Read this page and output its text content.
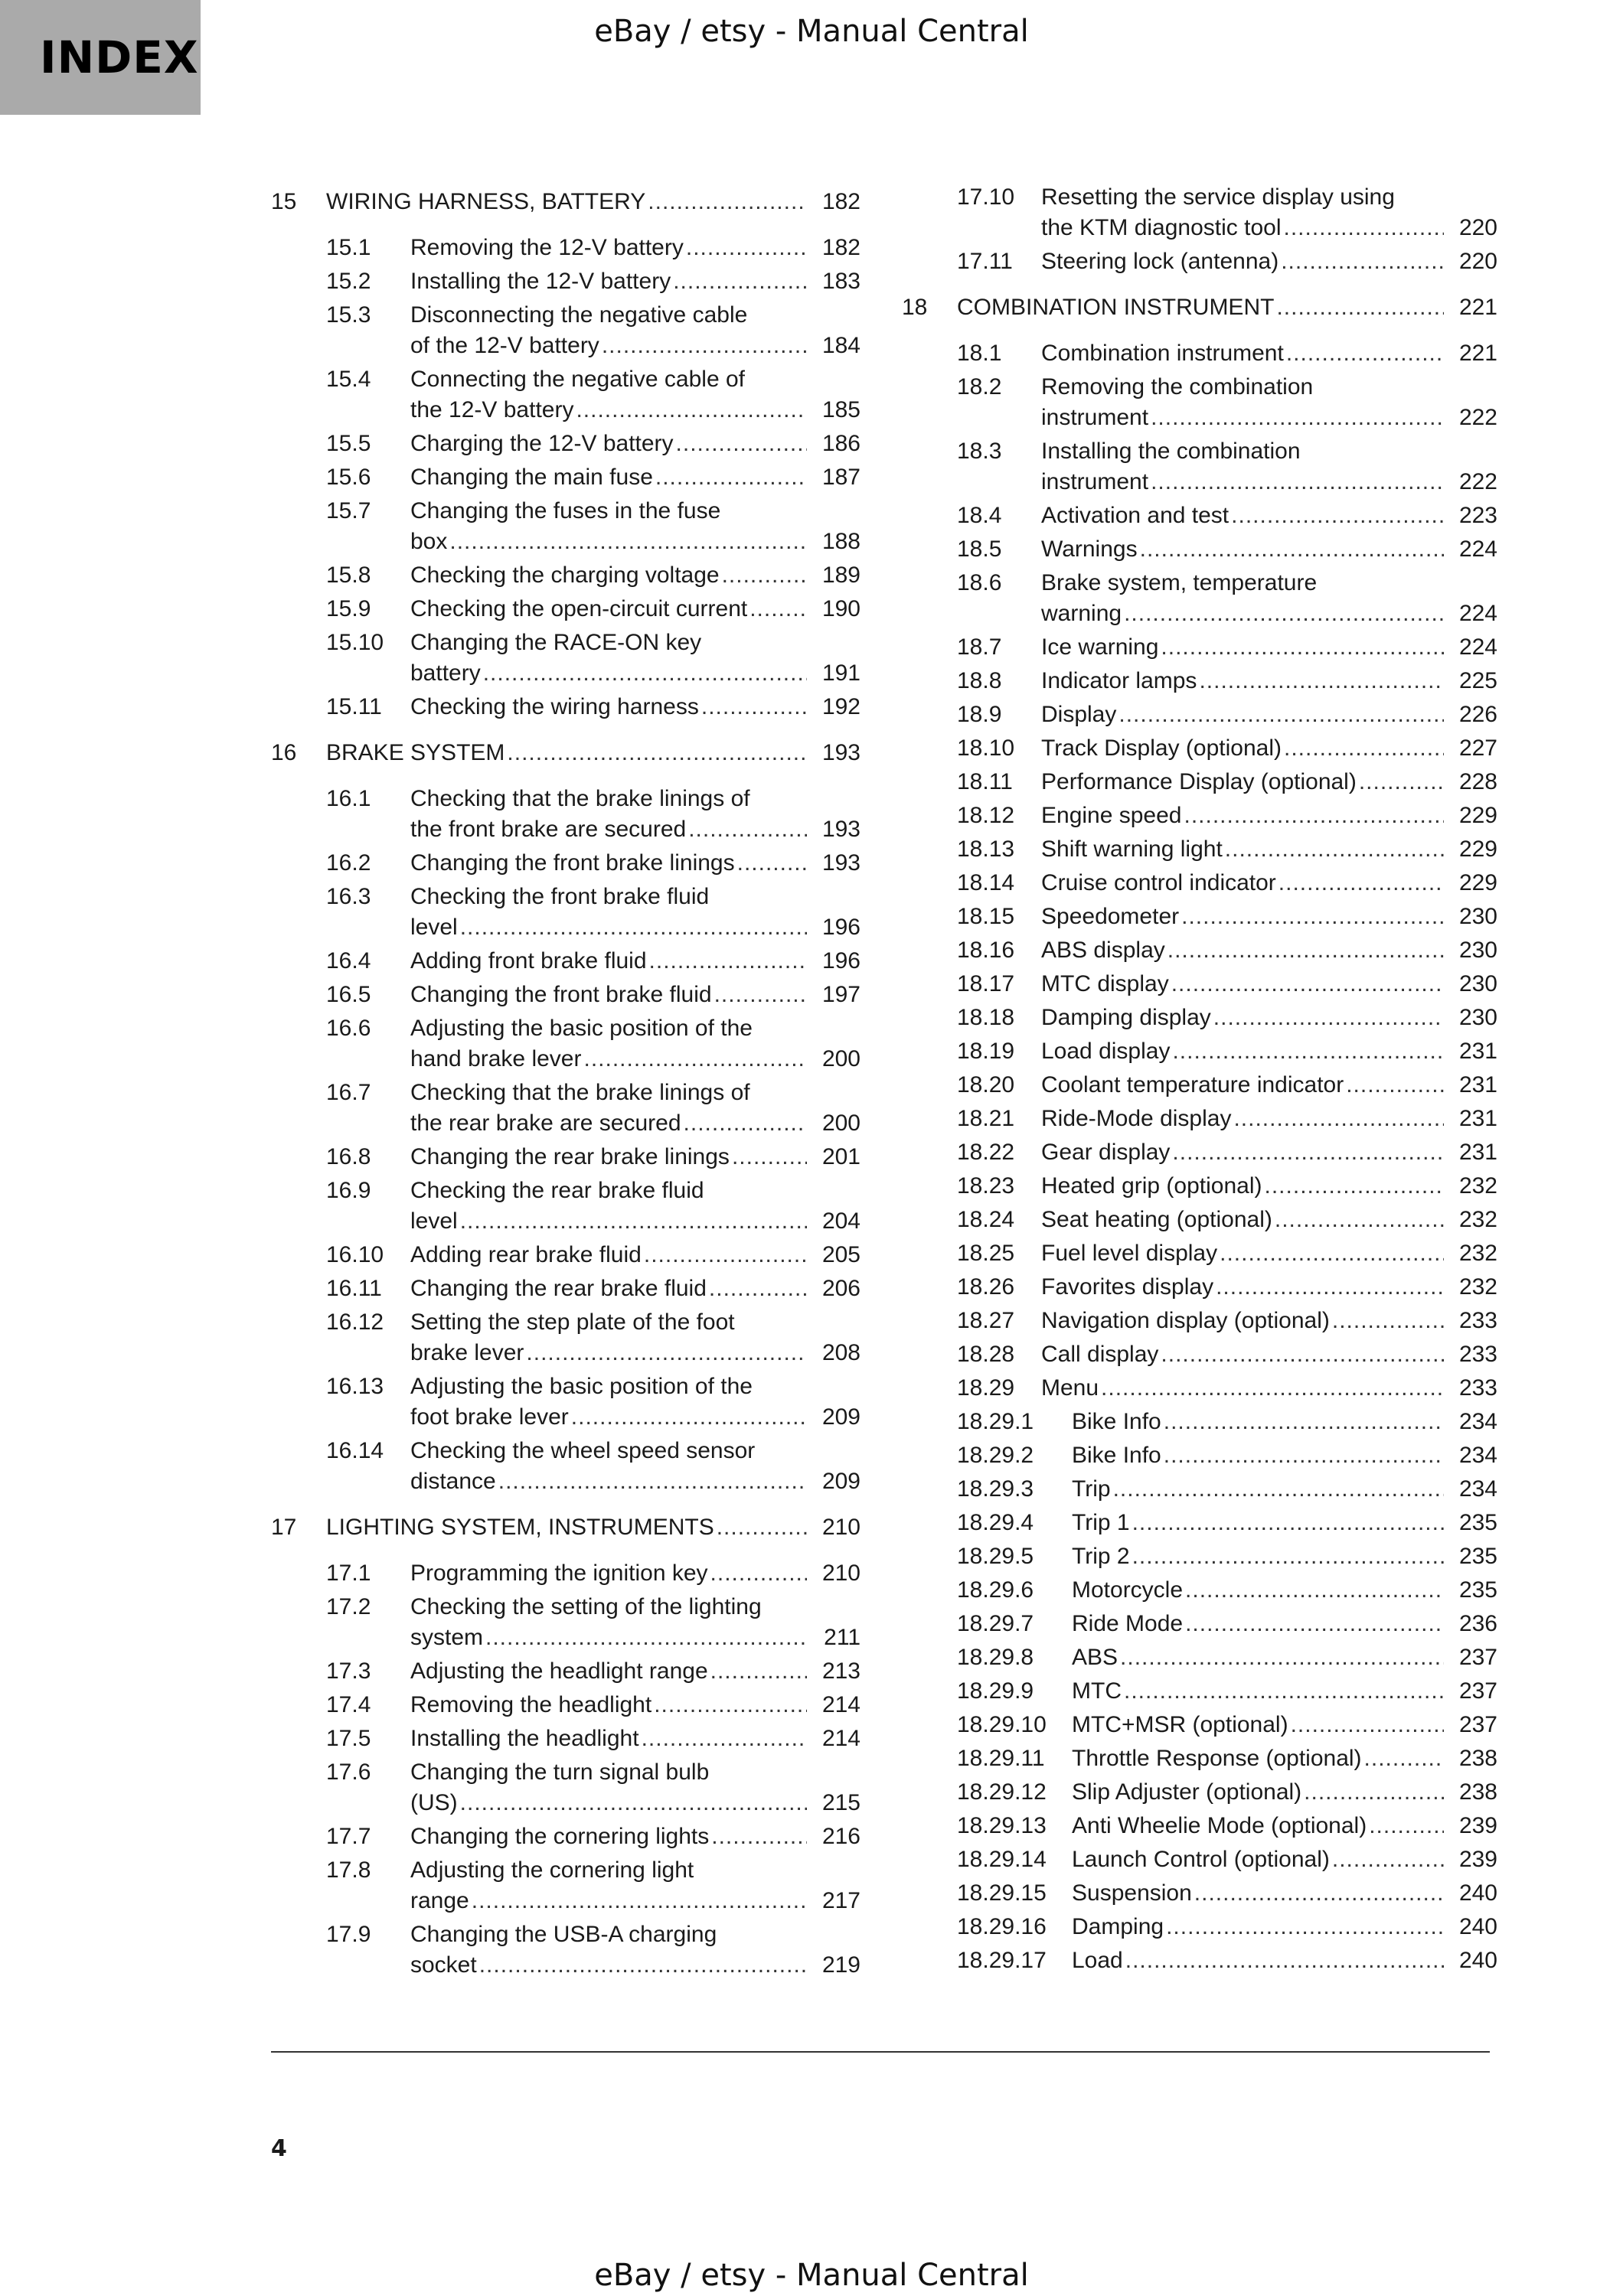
INDEX	eBay / etsy - Manual Central
15	WIRING HARNESS, BATTERY .....	182
15.1	Removing the 12-V battery .....	182
15.2	Installing the 12-V battery .....	183
15.3	Disconnecting the negative cable
of the 12-V battery .....	184
15.4	Connecting the negative cable of
the 12-V battery .....	185
15.5	Charging the 12-V battery .....	186
15.6	Changing the main fuse .....	187
15.7	Changing the fuses in the fuse
box .....	188
15.8	Checking the charging voltage .....	189
15.9	Checking the open-circuit current .....	190
15.10	Changing the RACE-ON key
battery .....	191
15.11	Checking the wiring harness .....	192
16	BRAKE SYSTEM .....	193
16.1	Checking that the brake linings of
the front brake are secured .....	193
16.2	Changing the front brake linings .....	193
16.3	Checking the front brake fluid
level .....	196
16.4	Adding front brake fluid .....	196
16.5	Changing the front brake fluid .....	197
16.6	Adjusting the basic position of the
hand brake lever .....	200
16.7	Checking that the brake linings of
the rear brake are secured .....	200
16.8	Changing the rear brake linings .....	201
16.9	Checking the rear brake fluid
level .....	204
16.10	Adding rear brake fluid .....	205
16.11	Changing the rear brake fluid .....	206
16.12	Setting the step plate of the foot
brake lever .....	208
16.13	Adjusting the basic position of the
foot brake lever .....	209
16.14	Checking the wheel speed sensor
distance .....	209
17	LIGHTING SYSTEM, INSTRUMENTS .....	210
17.1	Programming the ignition key .....	210
17.2	Checking the setting of the lighting
system .....	211
17.3	Adjusting the headlight range .....	213
17.4	Removing the headlight .....	214
17.5	Installing the headlight .....	214
17.6	Changing the turn signal bulb
(US) .....	215
17.7	Changing the cornering lights .....	216
17.8	Adjusting the cornering light
range .....	217
17.9	Changing the USB-A charging
socket .....	219
17.10	Resetting the service display using
the KTM diagnostic tool .....	220
17.11	Steering lock (antenna) .....	220
18	COMBINATION INSTRUMENT .....	221
18.1	Combination instrument .....	221
18.2	Removing the combination
instrument .....	222
18.3	Installing the combination
instrument .....	222
18.4	Activation and test .....	223
18.5	Warnings .....	224
18.6	Brake system, temperature
warning .....	224
18.7	Ice warning .....	224
18.8	Indicator lamps .....	225
18.9	Display .....	226
18.10	Track Display (optional) .....	227
18.11	Performance Display (optional) .....	228
18.12	Engine speed .....	229
18.13	Shift warning light .....	229
18.14	Cruise control indicator .....	229
18.15	Speedometer .....	230
18.16	ABS display .....	230
18.17	MTC display .....	230
18.18	Damping display .....	230
18.19	Load display .....	231
18.20	Coolant temperature indicator .....	231
18.21	Ride-Mode display .....	231
18.22	Gear display .....	231
18.23	Heated grip (optional) .....	232
18.24	Seat heating (optional) .....	232
18.25	Fuel level display .....	232
18.26	Favorites display .....	232
18.27	Navigation display (optional) .....	233
18.28	Call display .....	233
18.29	Menu .....	233
18.29.1	Bike Info .....	234
18.29.2	Bike Info .....	234
18.29.3	Trip .....	234
18.29.4	Trip 1 .....	235
18.29.5	Trip 2 .....	235
18.29.6	Motorcycle .....	235
18.29.7	Ride Mode .....	236
18.29.8	ABS .....	237
18.29.9	MTC .....	237
18.29.10	MTC+MSR (optional) .....	237
18.29.11	Throttle Response (optional) .....	238
18.29.12	Slip Adjuster (optional) .....	238
18.29.13	Anti Wheelie Mode (optional) .....	239
18.29.14	Launch Control (optional) .....	239
18.29.15	Suspension .....	240
18.29.16	Damping .....	240
18.29.17	Load .....	240
4
eBay / etsy - Manual Central
